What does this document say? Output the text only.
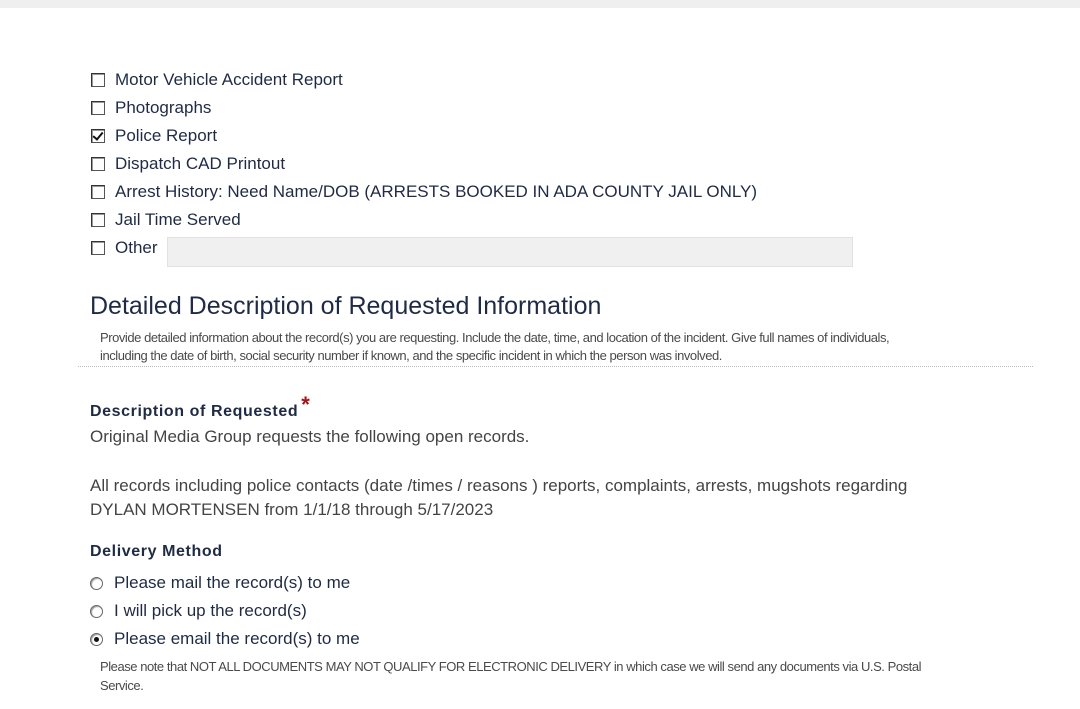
Motor Vehicle Accident Report
Photographs
Police Report
Dispatch CAD Printout
Arrest History: Need Name/DOB (ARRESTS BOOKED IN ADA COUNTY JAIL ONLY)
Jail Time Served
Other
Detailed Description of Requested Information
Provide detailed information about the record(s) you are requesting. Include the date, time, and location of the incident. Give full names of individuals,
including the date of birth, social security number if known, and the specific incident in which the person was involved.
Description of Requested *
Original Media Group requests the following open records.
All records including police contacts (date /times / reasons ) reports, complaints, arrests, mugshots regarding
DYLAN MORTENSEN from 1/1/18 through 5/17/2023
Delivery Method
Please mail the record(s) to me
I will pick up the record(s)
Please email the record(s) to me
Please note that NOT ALL DOCUMENTS MAY NOT QUALIFY FOR ELECTRONIC DELIVERY in which case we will send any documents via U.S. Postal
Service.
